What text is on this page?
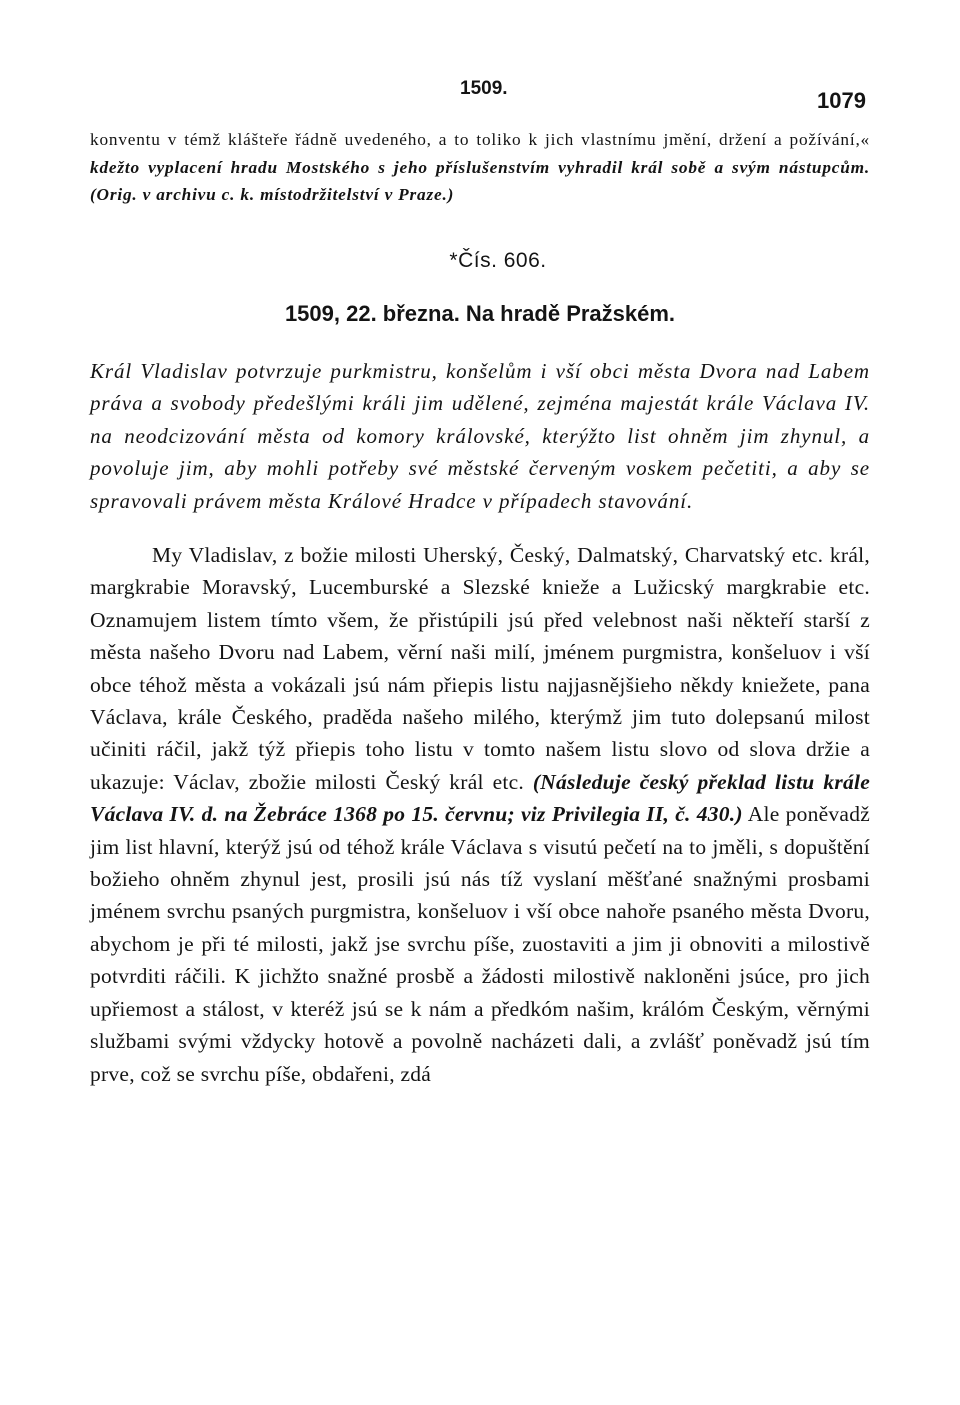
1509.	1079

konventu v témž klášteře řádně uvedeného, a to toliko k jich vlastnímu jmění, držení a požívání,« kdežto vyplacení hradu Mostského s jeho příslušenstvím vyhradil král sobě a svým nástupcům. (Orig. v archivu c. k. místodržitelství v Praze.)

*Čís. 606.
1509, 22. března. Na hradě Pražském.

Král Vladislav potvrzuje purkmistru, konšelům i vší obci města Dvora nad Labem práva a svobody předešlými králi jim udělené, zejména majestát krále Václava IV. na neodcizování města od komory královské, kterýžto list ohněm jim zhynul, a povoluje jim, aby mohli potřeby své městské červeným voskem pečetiti, a aby se spravovali právem města Králové Hradce v případech stavování.

My Vladislav, z božie milosti Uherský, Český, Dalmatský, Charvatský etc. král, margkrabie Moravský, Lucemburské a Slezské knieže a Lužicský margkrabie etc. Oznamujem listem tímto všem, že přistúpili jsú před velebnost naši někteří starší z města našeho Dvoru nad Labem, věrní naši milí, jménem purgmistra, konšeluov i vší obce téhož města a vokázali jsú nám přiepis listu najjasnějšieho někdy kniežete, pana Václava, krále Českého, praděda našeho milého, kterýmž jim tuto dolepsanú milost učiniti ráčil, jakž týž přiepis toho listu v tomto našem listu slovo od slova držie a ukazuje: Václav, zbožie milosti Český král etc. (Následuje český překlad listu krále Václava IV. d. na Žebráce 1368 po 15. červnu; viz Privilegia II, č. 430.) Ale poněvadž jim list hlavní, kterýž jsú od téhož krále Václava s visutú pečetí na to jměli, s dopuštění božieho ohněm zhynul jest, prosili jsú nás tíž vyslaní měšťané snažnými prosbami jménem svrchu psaných purgmistra, konšeluov i vší obce nahoře psaného města Dvoru, abychom je při té milosti, jakž jse svrchu píše, zuostaviti a jim ji obnoviti a milostivě potvrditi ráčili. K jichžto snažné prosbě a žádosti milostivě nakloněni jsúce, pro jich upřiemost a stálost, v kteréž jsú se k nám a předkóm našim, králóm Českým, věrnými službami svými vždycky hotově a povolně nacházeti dali, a zvlášť poněvadž jsú tím prve, což se svrchu píše, obdařeni, zdá
